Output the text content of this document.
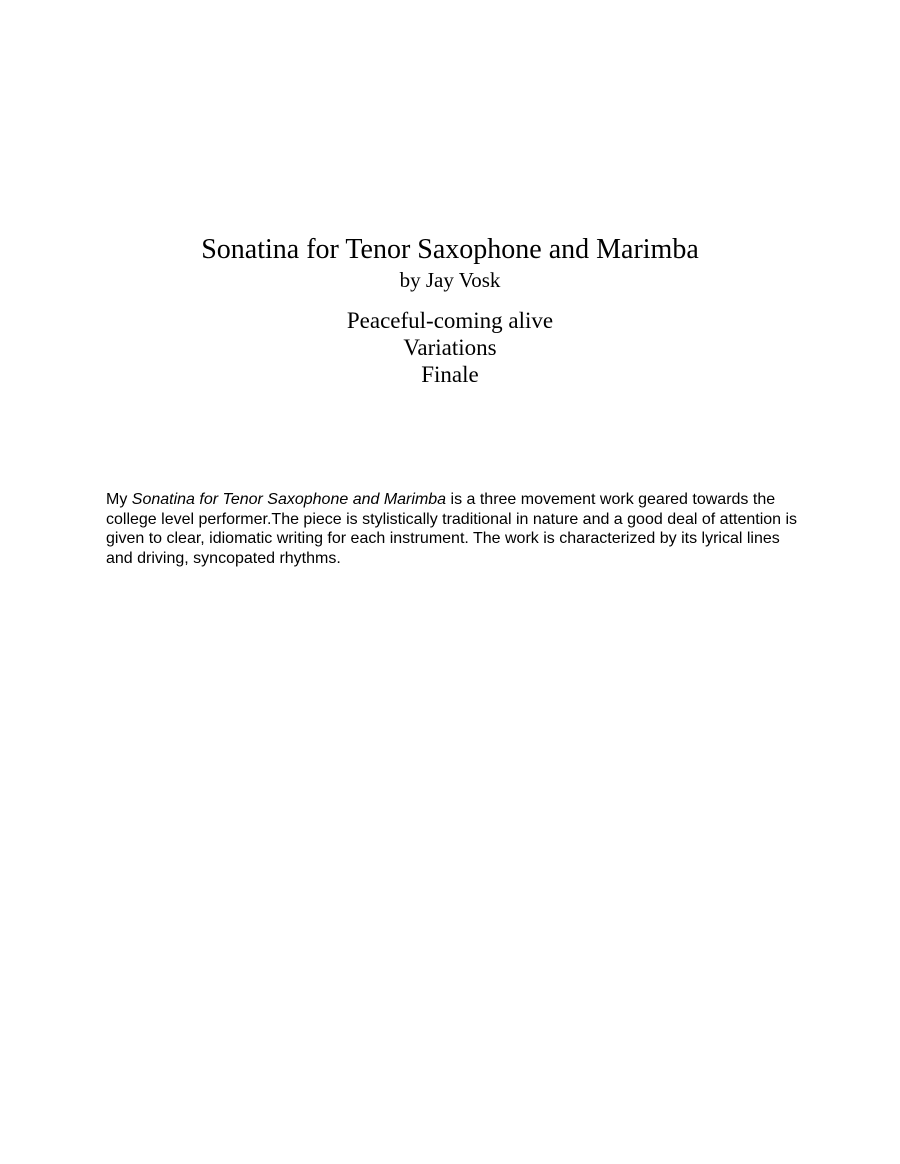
Sonatina for Tenor Saxophone and Marimba
by Jay Vosk
Peaceful-coming alive
Variations
Finale

My Sonatina for Tenor Saxophone and Marimba is a three movement work geared towards the college level performer.The piece is stylistically traditional in nature and a good deal of attention is given to clear, idiomatic writing for each instrument. The work is characterized by its lyrical lines and driving, syncopated rhythms.
